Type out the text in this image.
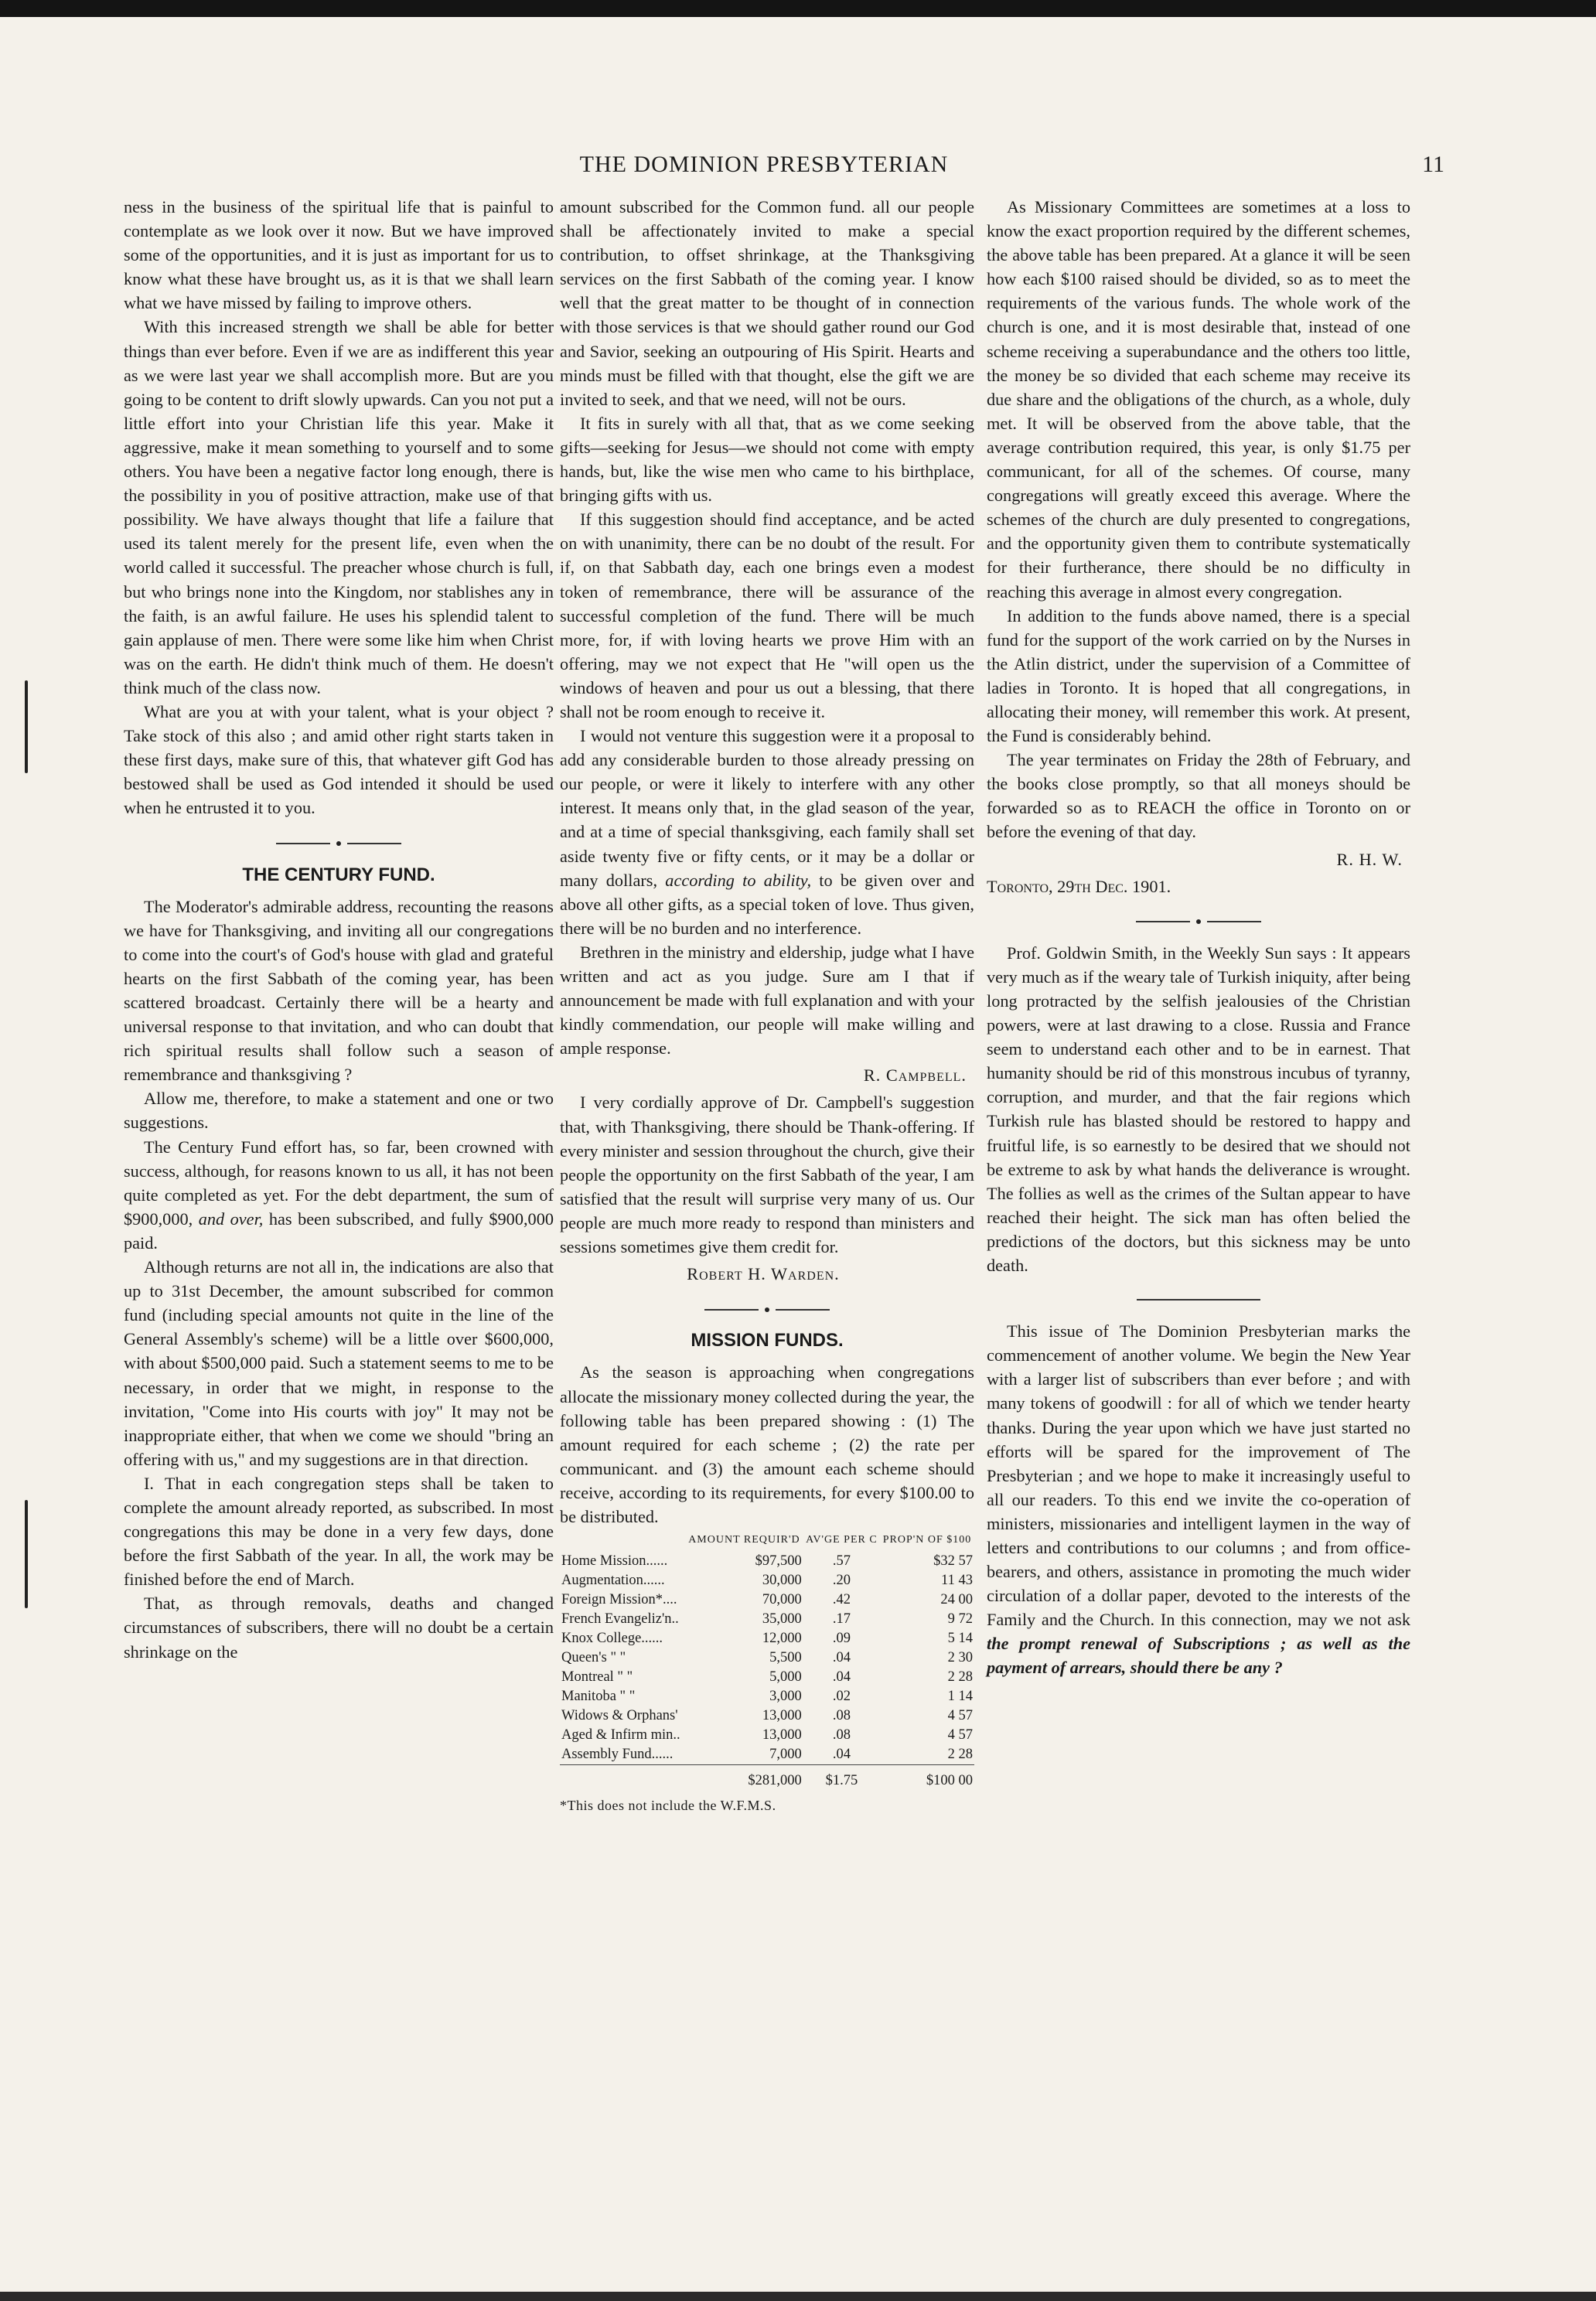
THE DOMINION PRESBYTERIAN	11

ness in the business of the spiritual life that is painful to contemplate as we look over it now. But we have improved some of the opportunities, and it is just as important for us to know what these have brought us, as it is that we shall learn what we have missed by failing to improve others.

With this increased strength we shall be able for better things than ever before. Even if we are as indifferent this year as we were last year we shall accomplish more. But are you going to be content to drift slowly upwards. Can you not put a little effort into your Christian life this year. Make it aggressive, make it mean something to yourself and to some others. You have been a negative factor long enough, there is the possibility in you of positive attraction, make use of that possibility. We have always thought that life a failure that used its talent merely for the present life, even when the world called it successful. The preacher whose church is full, but who brings none into the Kingdom, nor stablishes any in the faith, is an awful failure. He uses his splendid talent to gain applause of men. There were some like him when Christ was on the earth. He didn't think much of them. He doesn't think much of the class now.

What are you at with your talent, what is your object ? Take stock of this also ; and amid other right starts taken in these first days, make sure of this, that whatever gift God has bestowed shall be used as God intended it should be used when he entrusted it to you.

THE CENTURY FUND.

The Moderator's admirable address, recounting the reasons we have for Thanksgiving, and inviting all our congregations to come into the court's of God's house with glad and grateful hearts on the first Sabbath of the coming year, has been scattered broadcast. Certainly there will be a hearty and universal response to that invitation, and who can doubt that rich spiritual results shall follow such a season of remembrance and thanksgiving ?

Allow me, therefore, to make a statement and one or two suggestions.

The Century Fund effort has, so far, been crowned with success, although, for reasons known to us all, it has not been quite completed as yet. For the debt department, the sum of $900,000, and over, has been subscribed, and fully $900,000 paid.

Although returns are not all in, the indications are also that up to 31st December, the amount subscribed for common fund (including special amounts not quite in the line of the General Assembly's scheme) will be a little over $600,000, with about $500,000 paid. Such a statement seems to me to be necessary, in order that we might, in response to the invitation, "Come into His courts with joy" It may not be inappropriate either, that when we come we should "bring an offering with us," and my suggestions are in that direction.

I. That in each congregation steps shall be taken to complete the amount already reported, as subscribed. In most congregations this may be done in a very few days, done before the first Sabbath of the year. In all, the work may be finished before the end of March.

That, as through removals, deaths and changed circumstances of subscribers, there will no doubt be a certain shrinkage on the

amount subscribed for the Common fund. all our people shall be affectionately invited to make a special contribution, to offset shrinkage, at the Thanksgiving services on the first Sabbath of the coming year. I know well that the great matter to be thought of in connection with those services is that we should gather round our God and Savior, seeking an outpouring of His Spirit. Hearts and minds must be filled with that thought, else the gift we are invited to seek, and that we need, will not be ours.

It fits in surely with all that, that as we come seeking gifts—seeking for Jesus—we should not come with empty hands, but, like the wise men who came to his birthplace, bringing gifts with us.

If this suggestion should find acceptance, and be acted on with unanimity, there can be no doubt of the result. For if, on that Sabbath day, each one brings even a modest token of remembrance, there will be assurance of the successful completion of the fund. There will be much more, for, if with loving hearts we prove Him with an offering, may we not expect that He "will open us the windows of heaven and pour us out a blessing, that there shall not be room enough to receive it.

I would not venture this suggestion were it a proposal to add any considerable burden to those already pressing on our people, or were it likely to interfere with any other interest. It means only that, in the glad season of the year, and at a time of special thanksgiving, each family shall set aside twenty five or fifty cents, or it may be a dollar or many dollars, according to ability, to be given over and above all other gifts, as a special token of love. Thus given, there will be no burden and no interference.

Brethren in the ministry and eldership, judge what I have written and act as you judge. Sure am I that if announcement be made with full explanation and with your kindly commendation, our people will make willing and ample response.

R. Campbell.

I very cordially approve of Dr. Campbell's suggestion that, with Thanksgiving, there should be Thank-offering. If every minister and session throughout the church, give their people the opportunity on the first Sabbath of the year, I am satisfied that the result will surprise very many of us. Our people are much more ready to respond than ministers and sessions sometimes give them credit for.

Robert H. Warden.
MISSION FUNDS.

As the season is approaching when congregations allocate the missionary money collected during the year, the following table has been prepared showing : (1) The amount required for each scheme ; (2) the rate per communicant. and (3) the amount each scheme should receive, according to its requirements, for every $100.00 to be distributed.

	AMOUNT REQUIR'D	AV'GE PER C	PROP'N OF $100
Home Mission......	$97,500	.57	$32 57
Augmentation......	30,000	.20	11 43
Foreign Mission*....	70,000	.42	24 00
French Evangeliz'n..	35,000	.17	9 72
Knox College......	12,000	.09	5 14
Queen's " "	5,500	.04	2 30
Montreal " "	5,000	.04	2 28
Manitoba " "	3,000	.02	1 14
Widows & Orphans'	13,000	.08	4 57
Aged & Infirm min..	13,000	.08	4 57
Assembly Fund......	7,000	.04	2 28
	$281,000	$1.75	$100 00
*This does not include the W.F.M.S.

As Missionary Committees are sometimes at a loss to know the exact proportion required by the different schemes, the above table has been prepared. At a glance it will be seen how each $100 raised should be divided, so as to meet the requirements of the various funds. The whole work of the church is one, and it is most desirable that, instead of one scheme receiving a superabundance and the others too little, the money be so divided that each scheme may receive its due share and the obligations of the church, as a whole, duly met. It will be observed from the above table, that the average contribution required, this year, is only $1.75 per communicant, for all of the schemes. Of course, many congregations will greatly exceed this average. Where the schemes of the church are duly presented to congregations, and the opportunity given them to contribute systematically for their furtherance, there should be no difficulty in reaching this average in almost every congregation.

In addition to the funds above named, there is a special fund for the support of the work carried on by the Nurses in the Atlin district, under the supervision of a Committee of ladies in Toronto. It is hoped that all congregations, in allocating their money, will remember this work. At present, the Fund is considerably behind.

The year terminates on Friday the 28th of February, and the books close promptly, so that all moneys should be forwarded so as to REACH the office in Toronto on or before the evening of that day.

R. H. W.

Toronto, 29th Dec. 1901.

Prof. Goldwin Smith, in the Weekly Sun says : It appears very much as if the weary tale of Turkish iniquity, after being long protracted by the selfish jealousies of the Christian powers, were at last drawing to a close. Russia and France seem to understand each other and to be in earnest. That humanity should be rid of this monstrous incubus of tyranny, corruption, and murder, and that the fair regions which Turkish rule has blasted should be restored to happy and fruitful life, is so earnestly to be desired that we should not be extreme to ask by what hands the deliverance is wrought. The follies as well as the crimes of the Sultan appear to have reached their height. The sick man has often belied the predictions of the doctors, but this sickness may be unto death.

This issue of The Dominion Presbyterian marks the commencement of another volume. We begin the New Year with a larger list of subscribers than ever before ; and with many tokens of goodwill : for all of which we tender hearty thanks. During the year upon which we have just started no efforts will be spared for the improvement of The Presbyterian ; and we hope to make it increasingly useful to all our readers. To this end we invite the co-operation of ministers, missionaries and intelligent laymen in the way of letters and contributions to our columns ; and from office-bearers, and others, assistance in promoting the much wider circulation of a dollar paper, devoted to the interests of the Family and the Church. In this connection, may we not ask the prompt renewal of Subscriptions ; as well as the payment of arrears, should there be any ?
